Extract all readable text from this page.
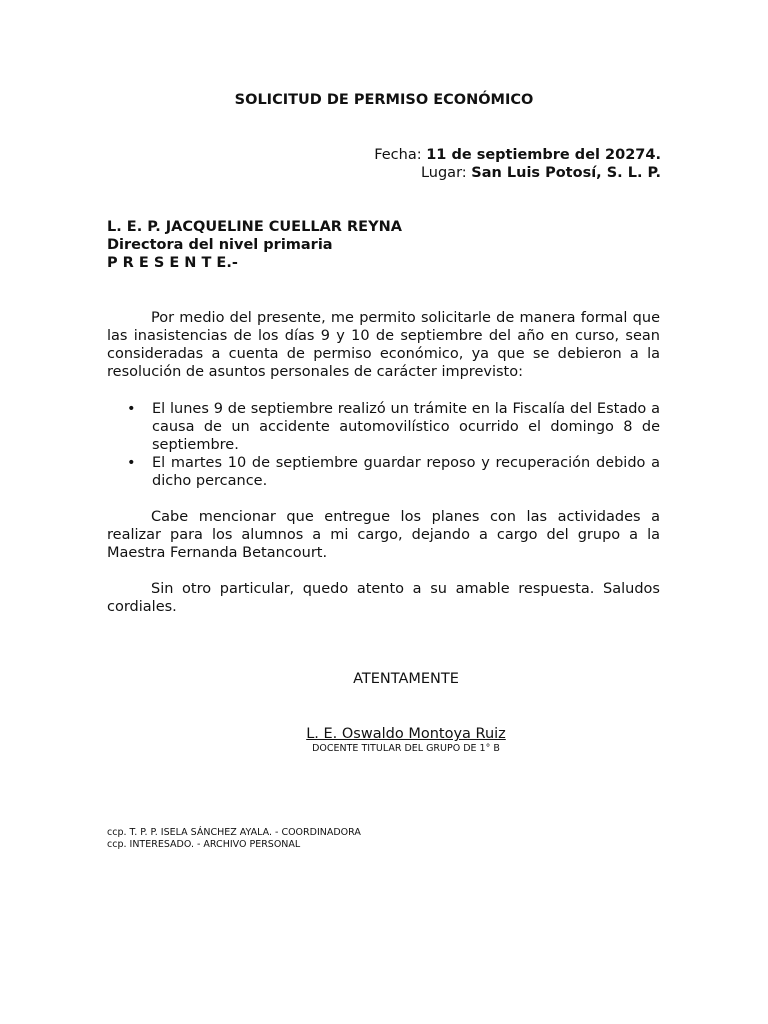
SOLICITUD DE PERMISO ECONÓMICO
Fecha: 11 de septiembre del 20274.
Lugar: San Luis Potosí, S. L. P.
L. E. P. JACQUELINE CUELLAR REYNA
Directora del nivel primaria
P R E S E N T E.-
Por medio del presente, me permito solicitarle de manera formal que las inasistencias de los días 9 y 10 de septiembre del año en curso, sean consideradas a cuenta de permiso económico, ya que se debieron a la resolución de asuntos personales de carácter imprevisto:
• El lunes 9 de septiembre realizó un trámite en la Fiscalía del Estado a causa de un accidente automovilístico ocurrido el domingo 8 de septiembre.
• El martes 10 de septiembre guardar reposo y recuperación debido a dicho percance.
Cabe mencionar que entregue los planes con las actividades a realizar para los alumnos a mi cargo, dejando a cargo del grupo a la Maestra Fernanda Betancourt.
Sin otro particular, quedo atento a su amable respuesta. Saludos cordiales.
ATENTAMENTE
L. E. Oswaldo Montoya Ruiz
DOCENTE TITULAR DEL GRUPO DE 1° B
ccp. T. P. P. ISELA SÁNCHEZ AYALA. - COORDINADORA
ccp. INTERESADO. - ARCHIVO PERSONAL
